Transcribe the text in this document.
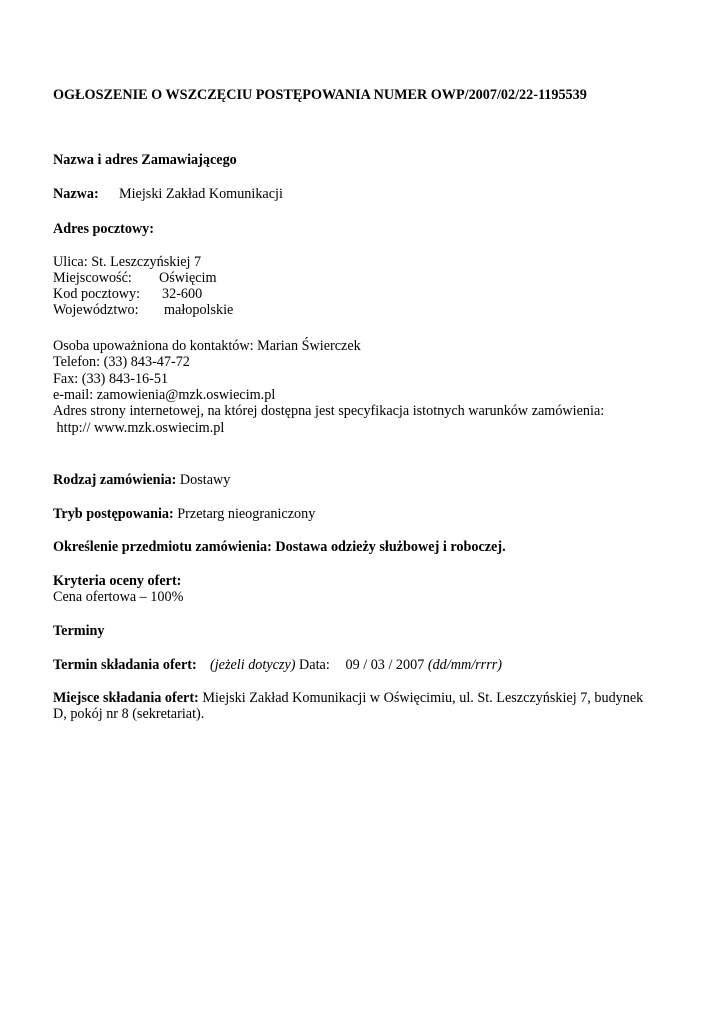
OGŁOSZENIE O WSZCZĘCIU POSTĘPOWANIA NUMER OWP/2007/02/22-1195539
Nazwa i adres Zamawiającego
Nazwa: Miejski Zakład Komunikacji
Adres pocztowy:
Ulica: St. Leszczyńskiej 7
Miejscowość: Oświęcim
Kod pocztowy: 32-600
Województwo: małopolskie
Osoba upoważniona do kontaktów: Marian Świerczek
Telefon: (33) 843-47-72
Fax: (33) 843-16-51
e-mail: zamowienia@mzk.oswiecim.pl
Adres strony internetowej, na której dostępna jest specyfikacja istotnych warunków zamówienia:
http:// www.mzk.oswiecim.pl
Rodzaj zamówienia: Dostawy
Tryb postępowania: Przetarg nieograniczony
Określenie przedmiotu zamówienia: Dostawa odzieży służbowej i roboczej.
Kryteria oceny ofert:
Cena ofertowa – 100%
Terminy
Termin składania ofert: (jeżeli dotyczy) Data: 09 / 03 / 2007 (dd/mm/rrrr)
Miejsce składania ofert: Miejski Zakład Komunikacji w Oświęcimiu, ul. St. Leszczyńskiej 7, budynek
D, pokój nr 8 (sekretariat).
